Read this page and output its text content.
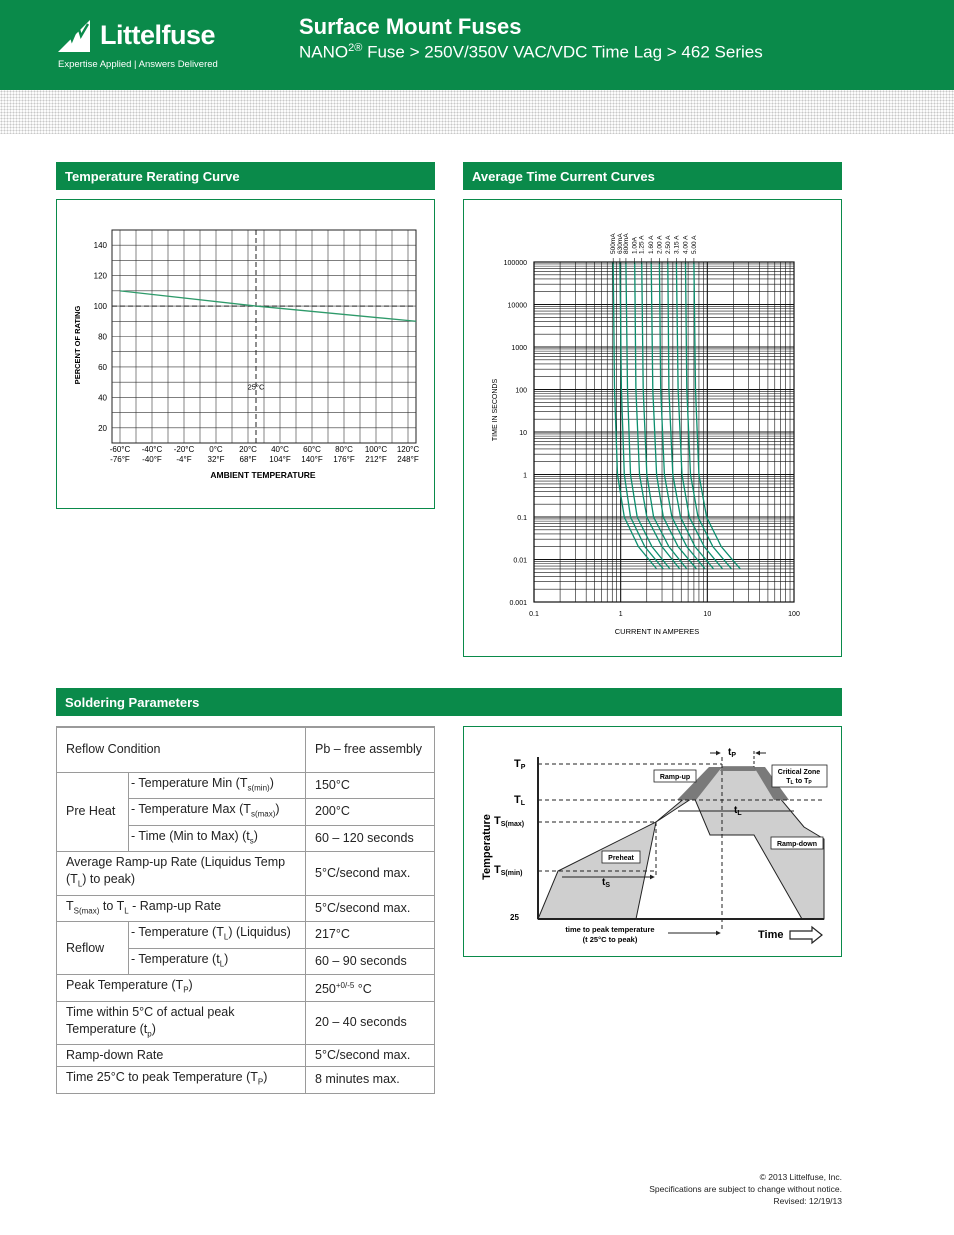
Littelfuse
Expertise Applied | Answers Delivered
Surface Mount Fuses
$NANO^{2®}$ Fuse > 250V/350V VAC/VDC Time Lag > 462 Series
Temperature Rerating Curve	Average Time Current Curves
Soldering Parameters
20
40
60
80
100
120
140
-60°C
-76°F
-40°C
-40°F
-20°C
-4°F
0°C
32°F
20°C
68°F
40°C
104°F
60°C
140°F
80°C
176°F
100°C
212°F
120°C
248°F
PERCENT OF RATING
AMBIENT TEMPERATURE
25°C
0.001
0.01
0.1
1
10
100
1000
10000
100000
0.1	1	10	100
500mA 630mA 800mA 1.00A 1.25 A 1.60 A 2.00 A 2.50 A 3.15 A 4.00 A 5.00 A
TIME IN SECONDS
CURRENT IN AMPERES
Reflow Condition		Pb – free assembly
Pre Heat	- Temperature Min $(T_{s(min)})$	150°C
	- Temperature Max $(T_{s(max)})$	200°C
	- Time (Min to Max) $(t_s)$	60 – 120 seconds
Average Ramp-up Rate (Liquidus Temp
$(T_L)$ to peak)		5°C/second max.
$T_{S(max)}$ to $T_L$ - Ramp-up Rate		5°C/second max.
Reflow	- Temperature $(T_L)$ (Liquidus)	217°C
	- Temperature $(t_L)$	60 – 90 seconds
Peak Temperature $(T_P)$		$250^{+0/-5}$ °C
Time within 5°C of actual peak
Temperature $(t_p)$		20 – 40 seconds
Ramp-down Rate		5°C/second max.
Time 25°C to peak Temperature $(T_P)$		8 minutes max.
TP
TL
TS(max)
TS(min)
25
Temperature
Time
$t_P$
$t_L$
$t_S$
Ramp-up
Preheat
Ramp-down
Critical Zone
TL to TP
time to peak temperature
(t 25°C to peak)
© 2013 Littelfuse, Inc.
Specifications are subject to change without notice.
Revised: 12/19/13
